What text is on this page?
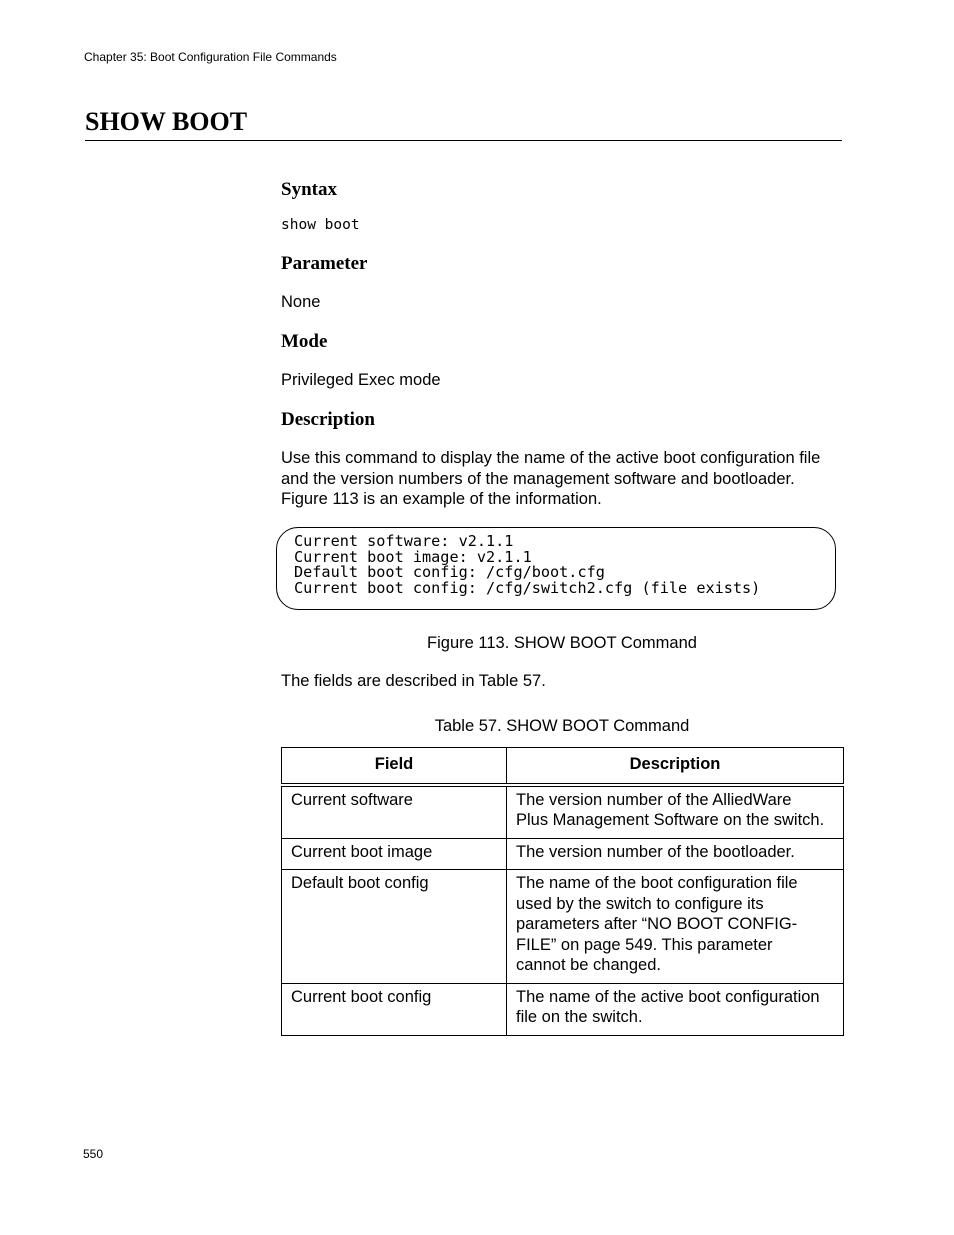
Chapter 35: Boot Configuration File Commands
SHOW BOOT
Syntax
show boot
Parameter
None
Mode
Privileged Exec mode
Description
Use this command to display the name of the active boot configuration file
and the version numbers of the management software and bootloader.
Figure 113 is an example of the information.
Current software: v2.1.1
Current boot image: v2.1.1
Default boot config: /cfg/boot.cfg
Current boot config: /cfg/switch2.cfg (file exists)
Figure 113. SHOW BOOT Command
The fields are described in Table 57.
Table 57. SHOW BOOT Command
Field	Description
Current software	The version number of the AlliedWare
Plus Management Software on the switch.

Current boot image	The version number of the bootloader.

Default boot config	The name of the boot configuration file
used by the switch to configure its
parameters after “NO BOOT CONFIG-
FILE” on page 549. This parameter
cannot be changed.

Current boot config	The name of the active boot configuration
file on the switch.
550
